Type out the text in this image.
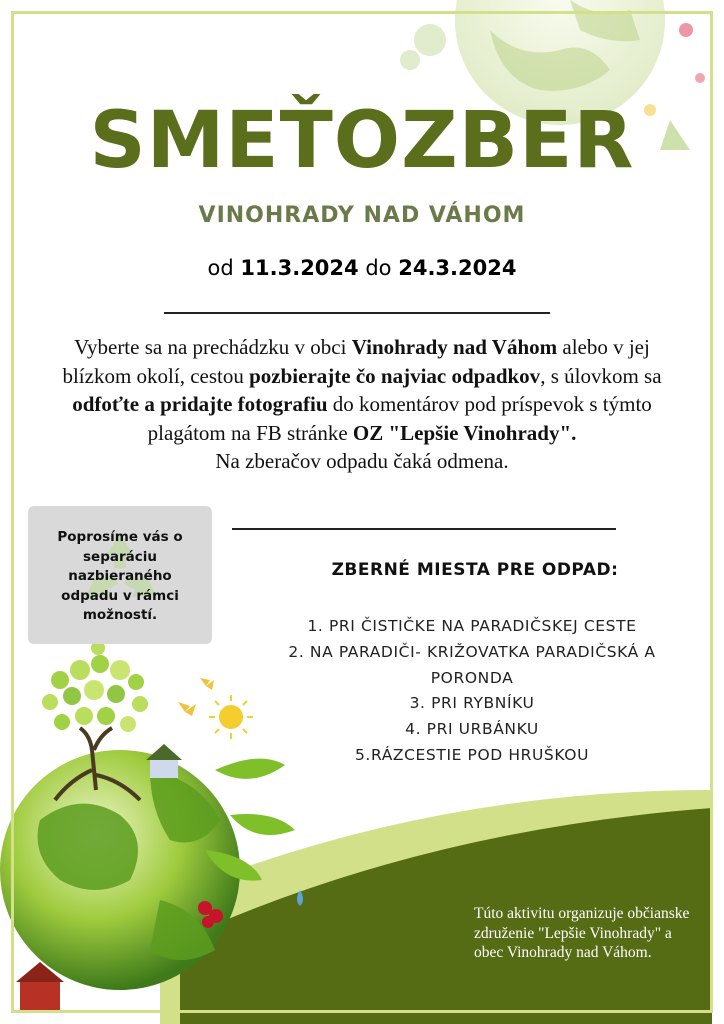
SMEŤOZBER
VINOHRADY NAD VÁHOM

od 11.3.2024 do 24.3.2024

Vyberte sa na prechádzku v obci Vinohrady nad Váhom alebo v jej blízkom okolí, cestou pozbierajte čo najviac odpadkov, s úlovkom sa odfoťte a pridajte fotografiu do komentárov pod príspevok s týmto plagátom na FB stránke OZ "Lepšie Vinohrady".
Na zberačov odpadu čaká odmena.

Poprosíme vás o separáciu nazbieraného odpadu v rámci možností.

ZBERNÉ MIESTA PRE ODPAD:
1. PRI ČISTIČKE NA PARADIČSKEJ CESTE
2. NA PARADIČI- KRIŽOVATKA PARADIČSKÁ A PORONDA
3. PRI RYBNÍKU
4. PRI URBÁNKU
5.RÁZCESTIE POD HRUŠKOU

Túto aktivitu organizuje občianske združenie "Lepšie Vinohrady" a obec Vinohrady nad Váhom.
